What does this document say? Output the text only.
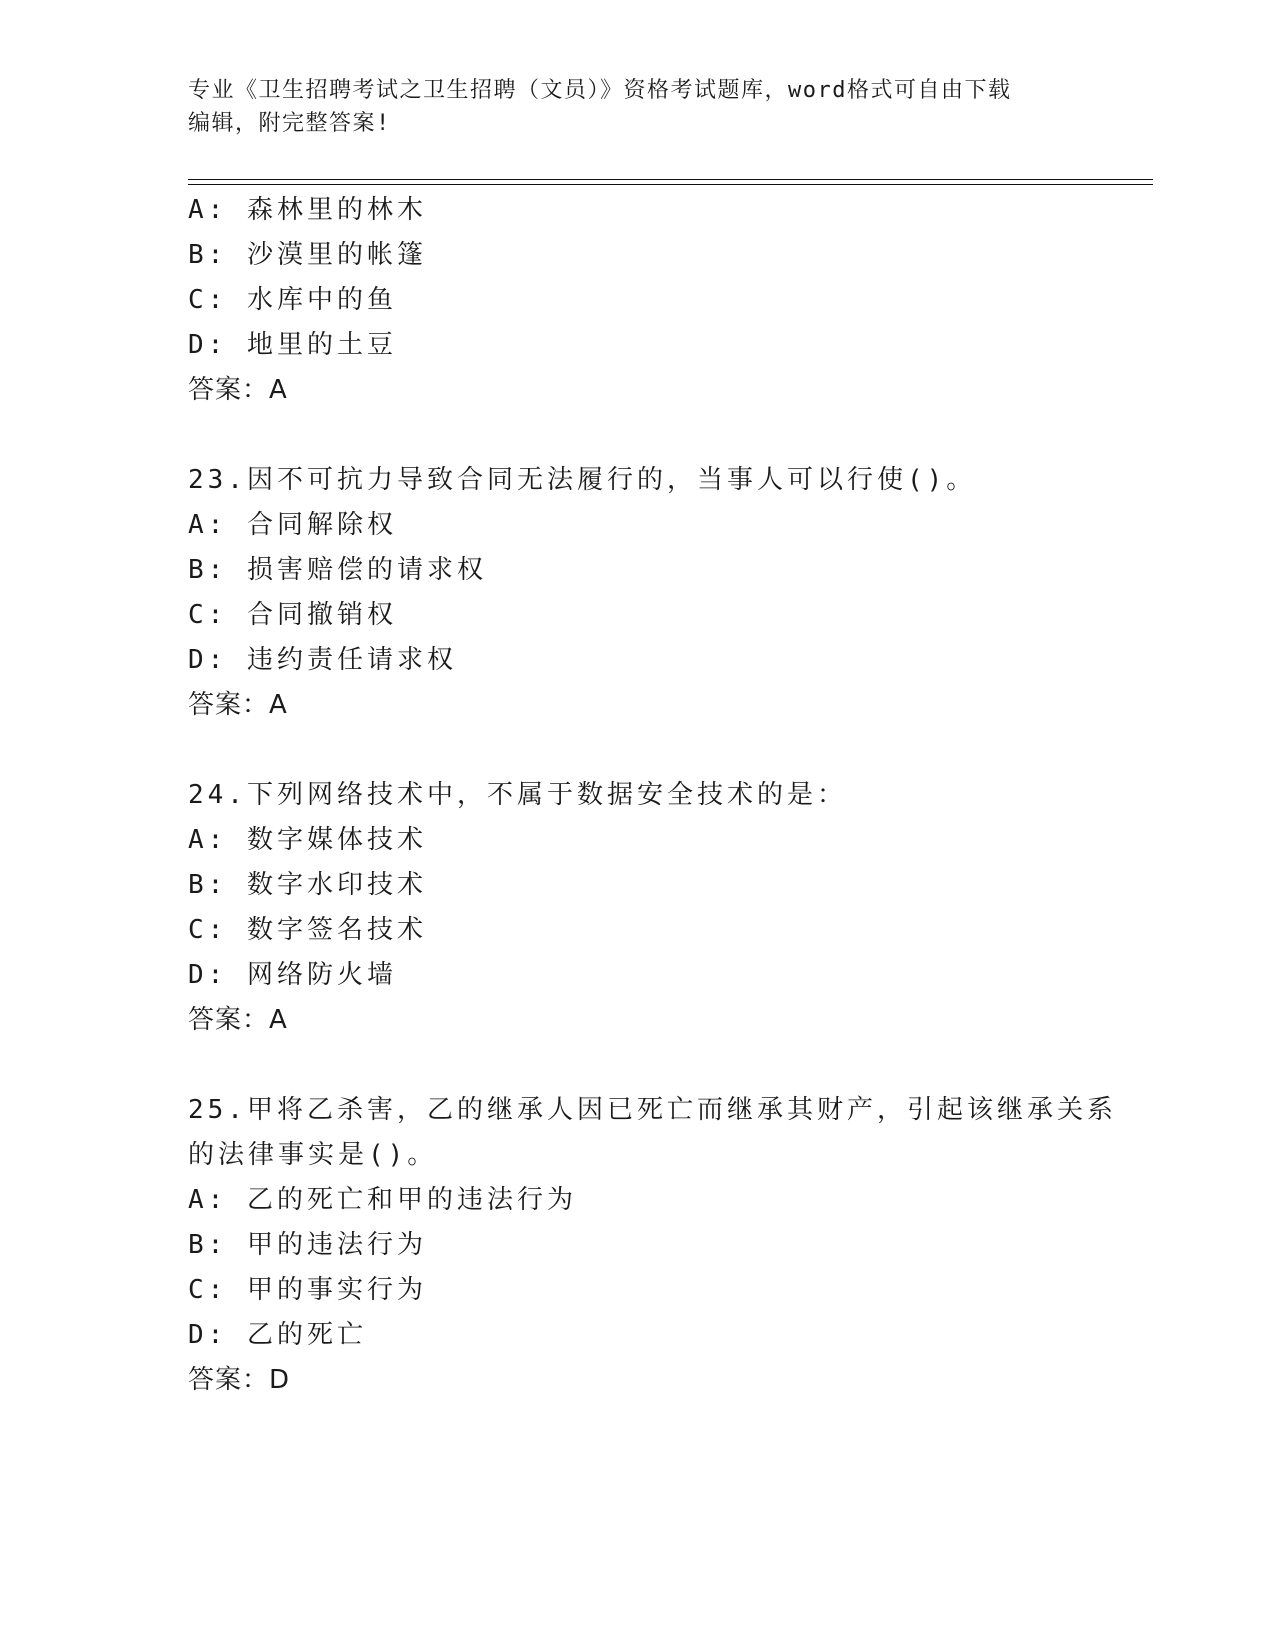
专业《卫生招聘考试之卫生招聘（文员）》资格考试题库，word格式可自由下载
编辑，附完整答案!
A: 森林里的林木
B: 沙漠里的帐篷
C: 水库中的鱼
D: 地里的土豆
答案：A
23.因不可抗力导致合同无法履行的，当事人可以行使()。
A: 合同解除权
B: 损害赔偿的请求权
C: 合同撤销权
D: 违约责任请求权
答案：A
24.下列网络技术中，不属于数据安全技术的是：
A: 数字媒体技术
B: 数字水印技术
C: 数字签名技术
D: 网络防火墙
答案：A
25.甲将乙杀害，乙的继承人因已死亡而继承其财产，引起该继承关系
的法律事实是()。
A: 乙的死亡和甲的违法行为
B: 甲的违法行为
C: 甲的事实行为
D: 乙的死亡
答案：D
